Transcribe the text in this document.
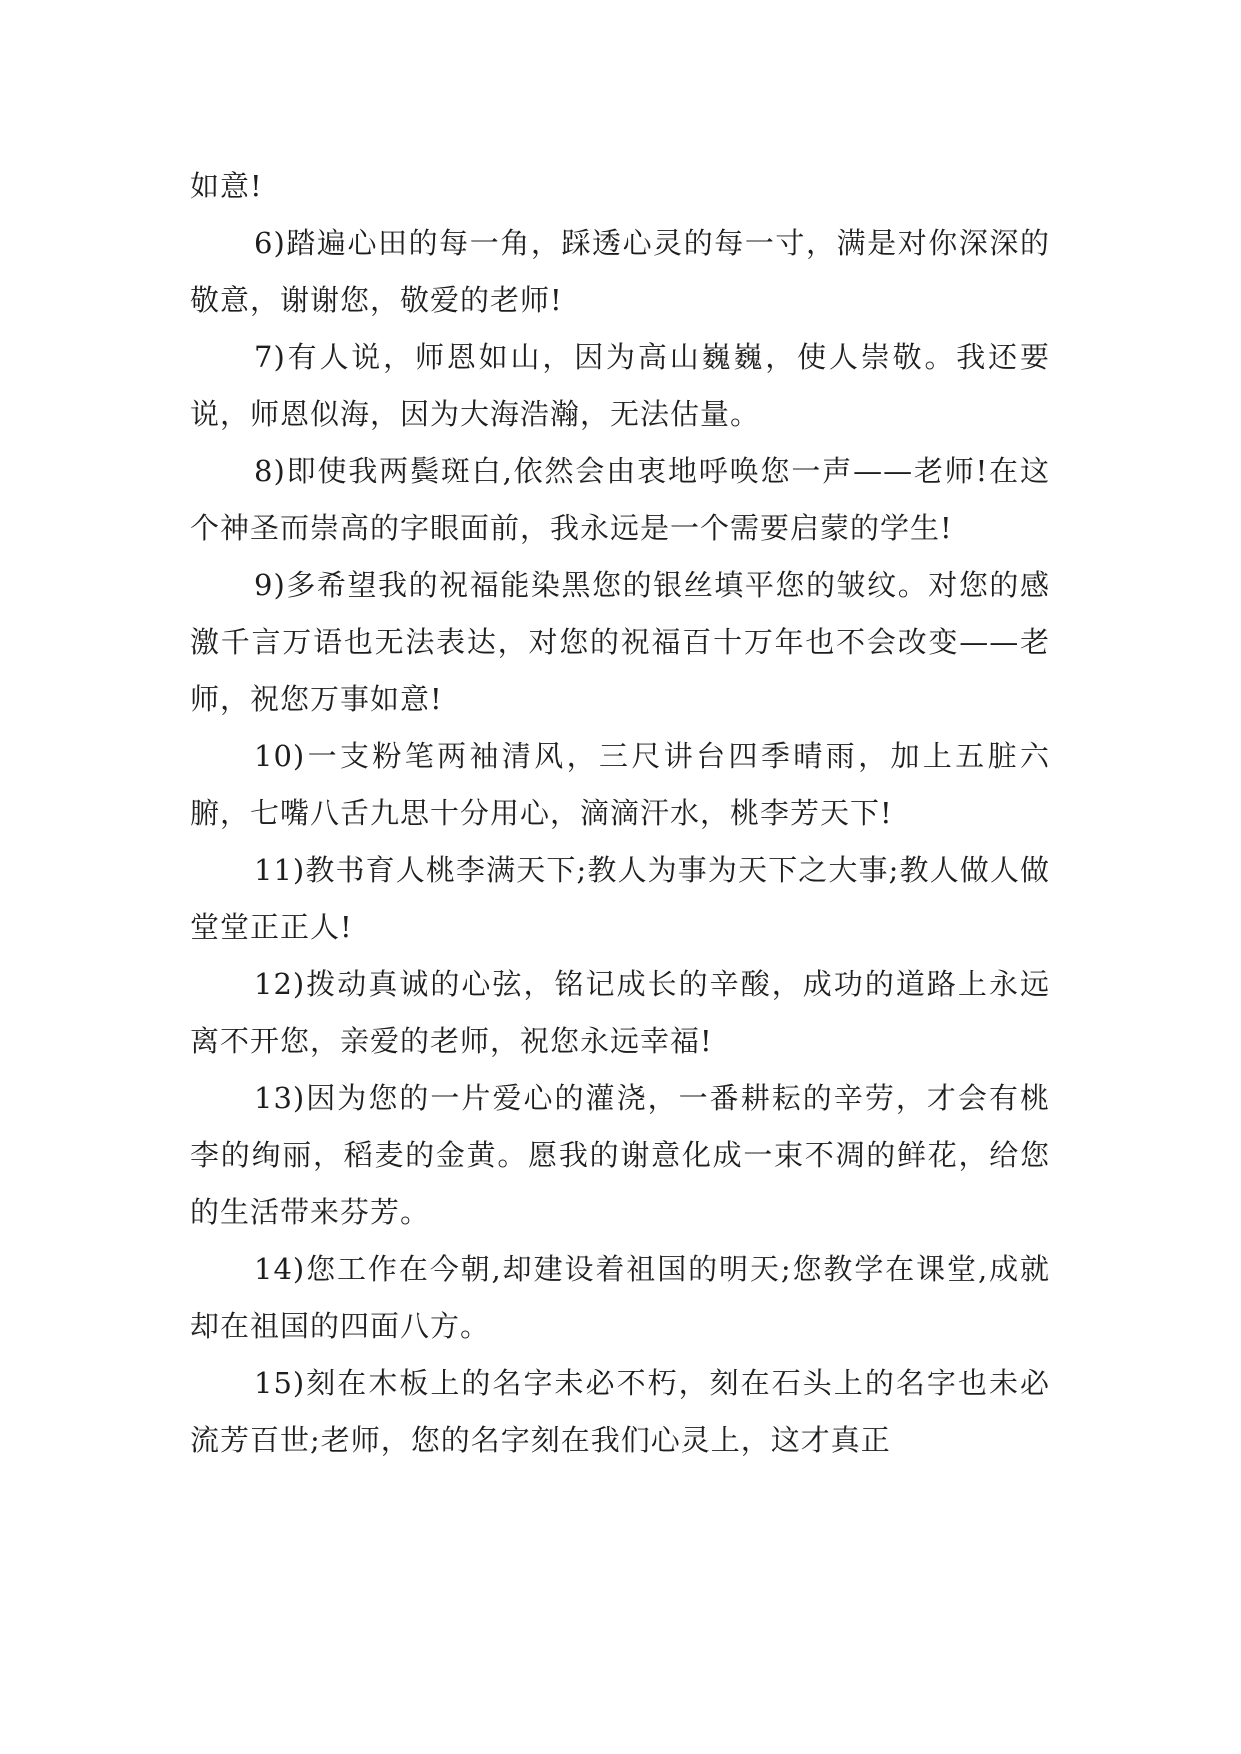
如意!

6)踏遍心田的每一角，踩透心灵的每一寸，满是对你深深的敬意，谢谢您，敬爱的老师!

7)有人说，师恩如山，因为高山巍巍，使人崇敬。我还要说，师恩似海，因为大海浩瀚，无法估量。

8)即使我两鬓斑白,依然会由衷地呼唤您一声——老师!在这个神圣而崇高的字眼面前，我永远是一个需要启蒙的学生!

9)多希望我的祝福能染黑您的银丝填平您的皱纹。对您的感激千言万语也无法表达，对您的祝福百十万年也不会改变——老师，祝您万事如意!

10)一支粉笔两袖清风，三尺讲台四季晴雨，加上五脏六腑，七嘴八舌九思十分用心，滴滴汗水，桃李芳天下!

11)教书育人桃李满天下;教人为事为天下之大事;教人做人做堂堂正正人!

12)拨动真诚的心弦，铭记成长的辛酸，成功的道路上永远离不开您，亲爱的老师，祝您永远幸福!

13)因为您的一片爱心的灌浇，一番耕耘的辛劳，才会有桃李的绚丽，稻麦的金黄。愿我的谢意化成一束不凋的鲜花，给您的生活带来芬芳。

14)您工作在今朝,却建设着祖国的明天;您教学在课堂,成就却在祖国的四面八方。

15)刻在木板上的名字未必不朽，刻在石头上的名字也未必流芳百世;老师，您的名字刻在我们心灵上，这才真正
